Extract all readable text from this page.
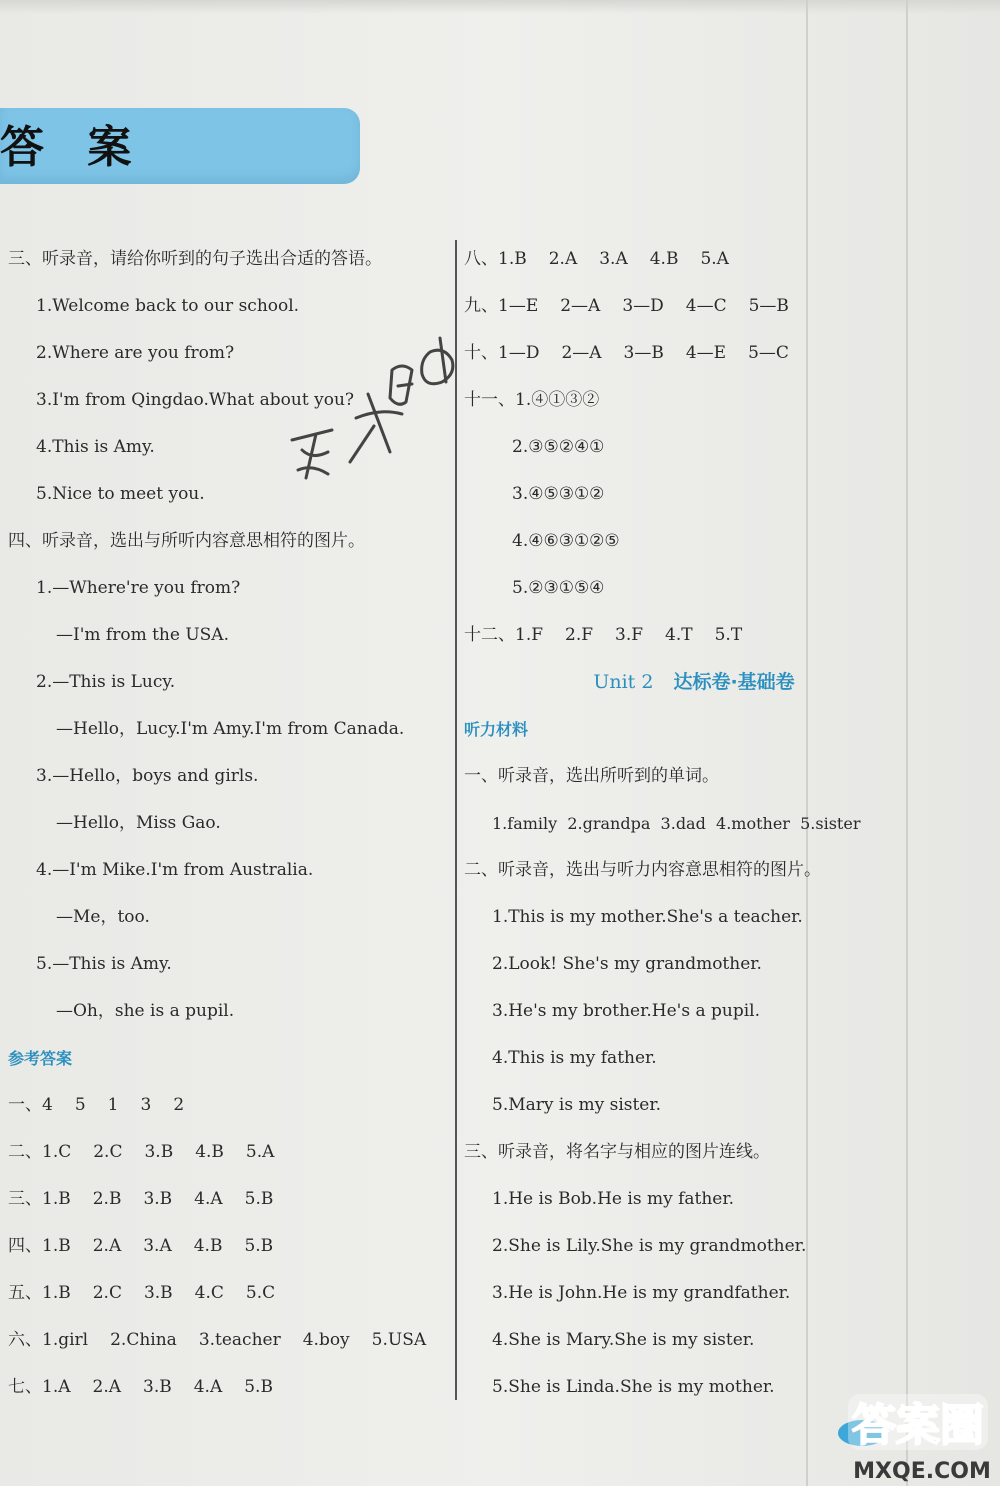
答 案
三、听录音，请给你听到的句子选出合适的答语。
1.Welcome back to our school.
2.Where are you from?
3.I'm from Qingdao.What about you?
4.This is Amy.
5.Nice to meet you.
四、听录音，选出与所听内容意思相符的图片。
1.—Where're you from?
—I'm from the USA.
2.—This is Lucy.
—Hello，Lucy.I'm Amy.I'm from Canada.
3.—Hello，boys and girls.
—Hello，Miss Gao.
4.—I'm Mike.I'm from Australia.
—Me，too.
5.—This is Amy.
—Oh，she is a pupil.
参考答案
一、4 5 1 3 2
二、1.C 2.C 3.B 4.B 5.A
三、1.B 2.B 3.B 4.A 5.B
四、1.B 2.A 3.A 4.B 5.B
五、1.B 2.C 3.B 4.C 5.C
六、1.girl 2.China 3.teacher 4.boy 5.USA
七、1.A 2.A 3.B 4.A 5.B
八、1.B 2.A 3.A 4.B 5.A
九、1—E 2—A 3—D 4—C 5—B
十、1—D 2—A 3—B 4—E 5—C
十一、1.④①③②
2.③⑤②④①
3.④⑤③①②
4.④⑥③①②⑤
5.②③①⑤④
十二、1.F 2.F 3.F 4.T 5.T
Unit 2 达标卷·基础卷
听力材料
一、听录音，选出所听到的单词。
1.family 2.grandpa 3.dad 4.mother 5.sister
二、听录音，选出与听力内容意思相符的图片。
1.This is my mother.She's a teacher.
2.Look! She's my grandmother.
3.He's my brother.He's a pupil.
4.This is my father.
5.Mary is my sister.
三、听录音，将名字与相应的图片连线。
1.He is Bob.He is my father.
2.She is Lily.She is my grandmother.
3.He is John.He is my grandfather.
4.She is Mary.She is my sister.
5.She is Linda.She is my mother.
答案圈
MXQE.COM
